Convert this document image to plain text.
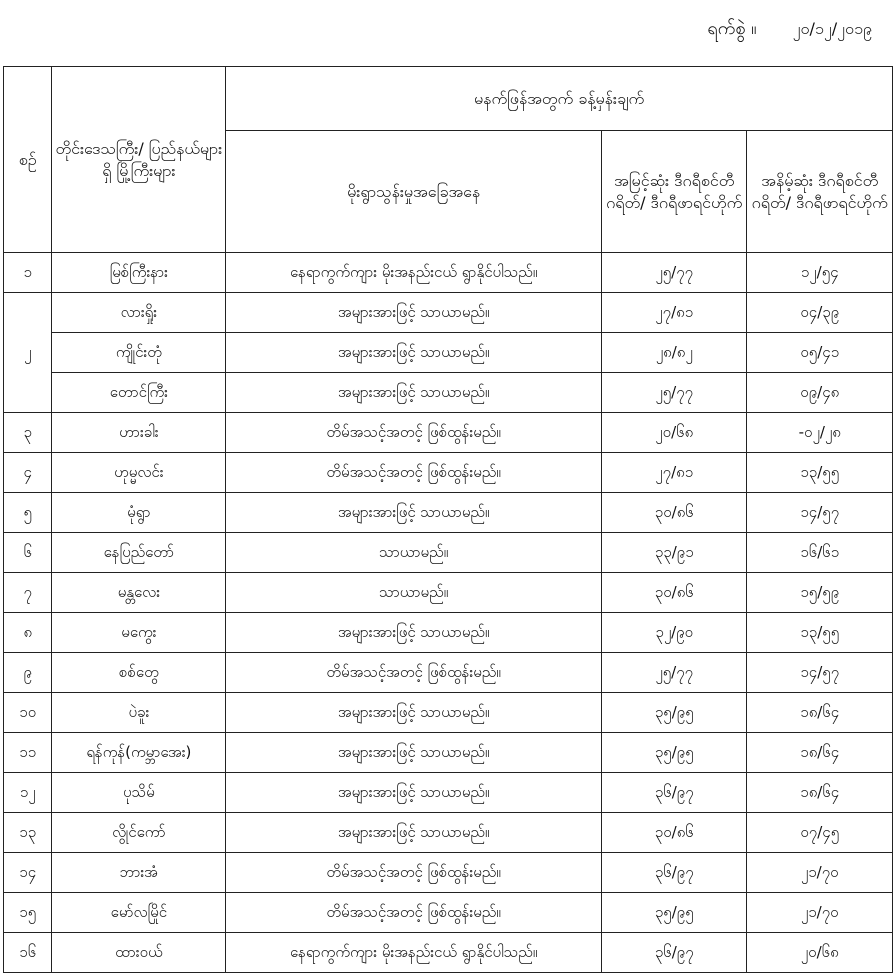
ရက်စွဲ ။ ၂၀/၁၂/၂၀၁၉
စဉ်	တိုင်းဒေသကြီး/ ပြည်နယ်များရှိ မြို့ကြီးများ	မနက်ဖြန်အတွက် ခန့်မှန်းချက်		
		မိုးရွာသွန်းမှုအခြေအနေ	အမြင့်ဆုံး ဒီဂရီစင်တီဂရိတ်/ ဒီဂရီဖာရင်ဟိုက်	အနိမ့်ဆုံး ဒီဂရီစင်တီဂရိတ်/ ဒီဂရီဖာရင်ဟိုက်
၁	မြစ်ကြီးနား	နေရာကွက်ကျား မိုးအနည်းငယ် ရွာနိုင်ပါသည်။	၂၅/၇၇	၁၂/၅၄
၂	လားရှိုး	အများအားဖြင့် သာယာမည်။	၂၇/၈၁	၀၄/၃၉
	ကျိုင်းတုံ	အများအားဖြင့် သာယာမည်။	၂၈/၈၂	၀၅/၄၁
	တောင်ကြီး	အများအားဖြင့် သာယာမည်။	၂၅/၇၇	၀၉/၄၈
၃	ဟားခါး	တိမ်အသင့်အတင့် ဖြစ်ထွန်းမည်။	၂၀/၆၈	-၀၂/၂၈
၄	ဟုမ္မလင်း	တိမ်အသင့်အတင့် ဖြစ်ထွန်းမည်။	၂၇/၈၁	၁၃/၅၅
၅	မုံရွာ	အများအားဖြင့် သာယာမည်။	၃၀/၈၆	၁၄/၅၇
၆	နေပြည်တော်	သာယာမည်။	၃၃/၉၁	၁၆/၆၁
၇	မန္တလေး	သာယာမည်။	၃၀/၈၆	၁၅/၅၉
၈	မကွေး	အများအားဖြင့် သာယာမည်။	၃၂/၉၀	၁၃/၅၅
၉	စစ်တွေ	တိမ်အသင့်အတင့် ဖြစ်ထွန်းမည်။	၂၅/၇၇	၁၄/၅၇
၁၀	ပဲခူး	အများအားဖြင့် သာယာမည်။	၃၅/၉၅	၁၈/၆၄
၁၁	ရန်ကုန်(ကမ္ဘာအေး)	အများအားဖြင့် သာယာမည်။	၃၅/၉၅	၁၈/၆၄
၁၂	ပုသိမ်	အများအားဖြင့် သာယာမည်။	၃၆/၉၇	၁၈/၆၄
၁၃	လွိုင်ကော်	အများအားဖြင့် သာယာမည်။	၃၀/၈၆	၀၇/၄၅
၁၄	ဘားအံ	တိမ်အသင့်အတင့် ဖြစ်ထွန်းမည်။	၃၆/၉၇	၂၁/၇၀
၁၅	မော်လမြိုင်	တိမ်အသင့်အတင့် ဖြစ်ထွန်းမည်။	၃၅/၉၅	၂၁/၇၀
၁၆	ထားဝယ်	နေရာကွက်ကျား မိုးအနည်းငယ် ရွာနိုင်ပါသည်။	၃၆/၉၇	၂၀/၆၈
